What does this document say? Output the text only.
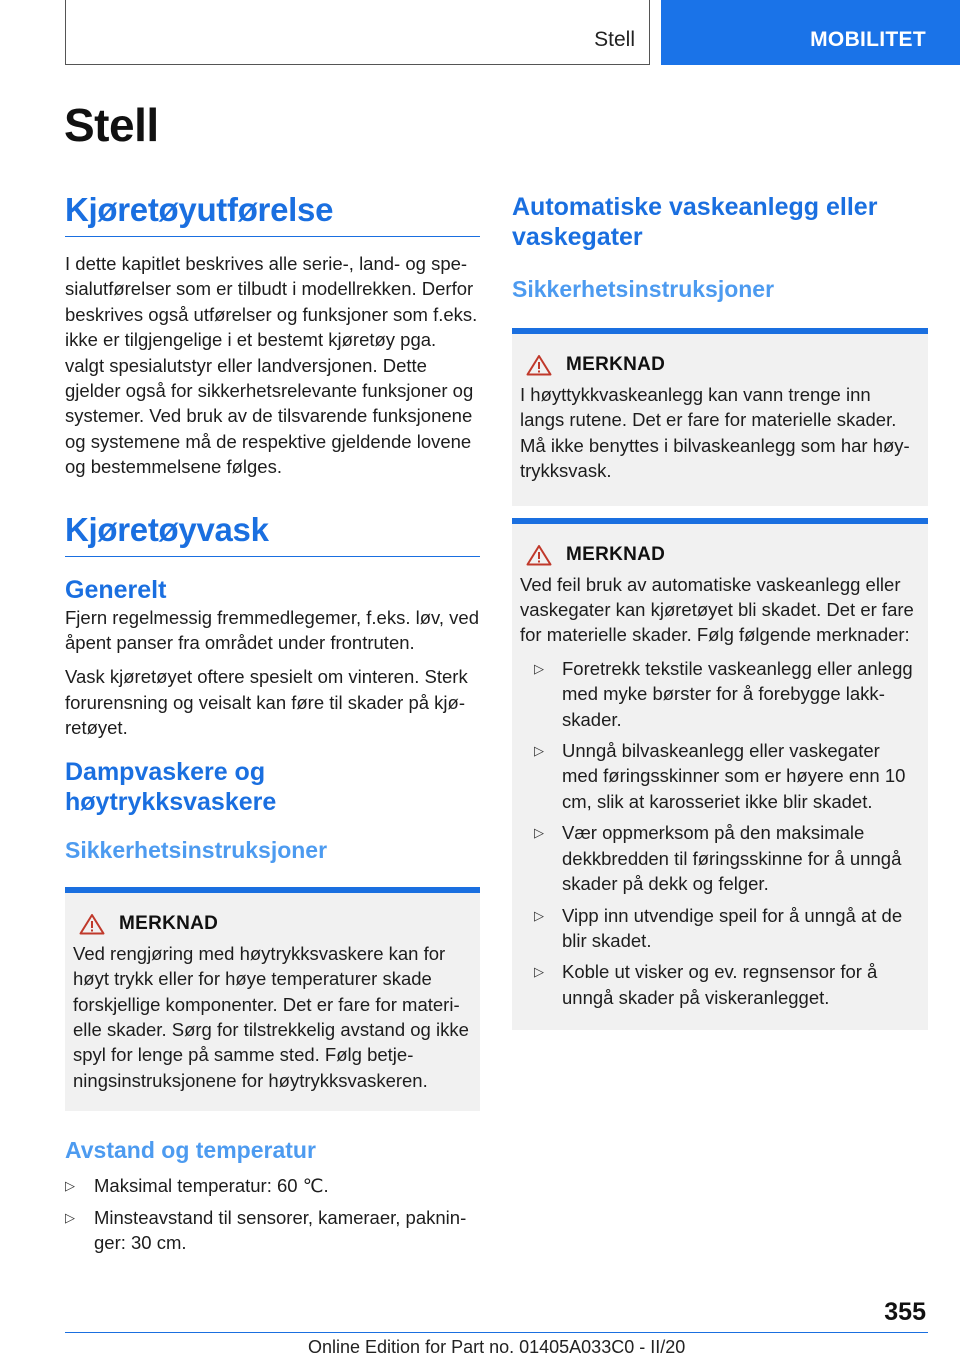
Stell	MOBILITET
Stell
Kjøretøyutførelse

I dette kapitlet beskrives alle serie-, land- og spesialutførelser som er tilbudt i modellrekken. Derfor beskrives også utførelser og funksjoner som f.eks. ikke er tilgjengelige i et bestemt kjøretøy pga. valgt spesialutstyr eller landversjonen. Dette gjelder også for sikkerhetsrelevante funksjoner og systemer. Ved bruk av de tilsvarende funksjonene og systemene må de respektive gjeldende lovene og bestemmelsene følges.

Kjøretøyvask
Generelt

Fjern regelmessig fremmedlegemer, f.eks. løv, ved åpent panser fra området under frontruten.

Vask kjøretøyet oftere spesielt om vinteren. Sterk forurensning og veisalt kan føre til skader på kjøretøyet.

Dampvaskere og høytrykksvaskere
Sikkerhetsinstruksjoner
MERKNAD

Ved rengjøring med høytrykksvaskere kan for høyt trykk eller for høye temperaturer skade forskjellige komponenter. Det er fare for materielle skader. Sørg for tilstrekkelig avstand og ikke spyl for lenge på samme sted. Følg betjeningsinstruksjonene for høytrykksvaskeren.

Avstand og temperatur
▷ Maksimal temperatur: 60 ℃.
▷ Minsteavstand til sensorer, kameraer, pakninger: 30 cm.
Automatiske vaskeanlegg eller vaskegater
Sikkerhetsinstruksjoner
MERKNAD

I høyttykkvaskeanlegg kan vann trenge inn langs rutene. Det er fare for materielle skader. Må ikke benyttes i bilvaskeanlegg som har høytrykksvask.

MERKNAD

Ved feil bruk av automatiske vaskeanlegg eller vaskegater kan kjøretøyet bli skadet. Det er fare for materielle skader. Følg følgende merknader:

▷ Foretrekk tekstile vaskeanlegg eller anlegg med myke børster for å forebygge lakkskader.
▷ Unngå bilvaskeanlegg eller vaskegater med føringsskinner som er høyere enn 10 cm, slik at karosseriet ikke blir skadet.
▷ Vær oppmerksom på den maksimale dekkbredden til føringsskinne for å unngå skader på dekk og felger.
▷ Vipp inn utvendige speil for å unngå at de blir skadet.
▷ Koble ut visker og ev. regnsensor for å unngå skader på viskeranlegget.
355
Online Edition for Part no. 01405A033C0 - II/20
